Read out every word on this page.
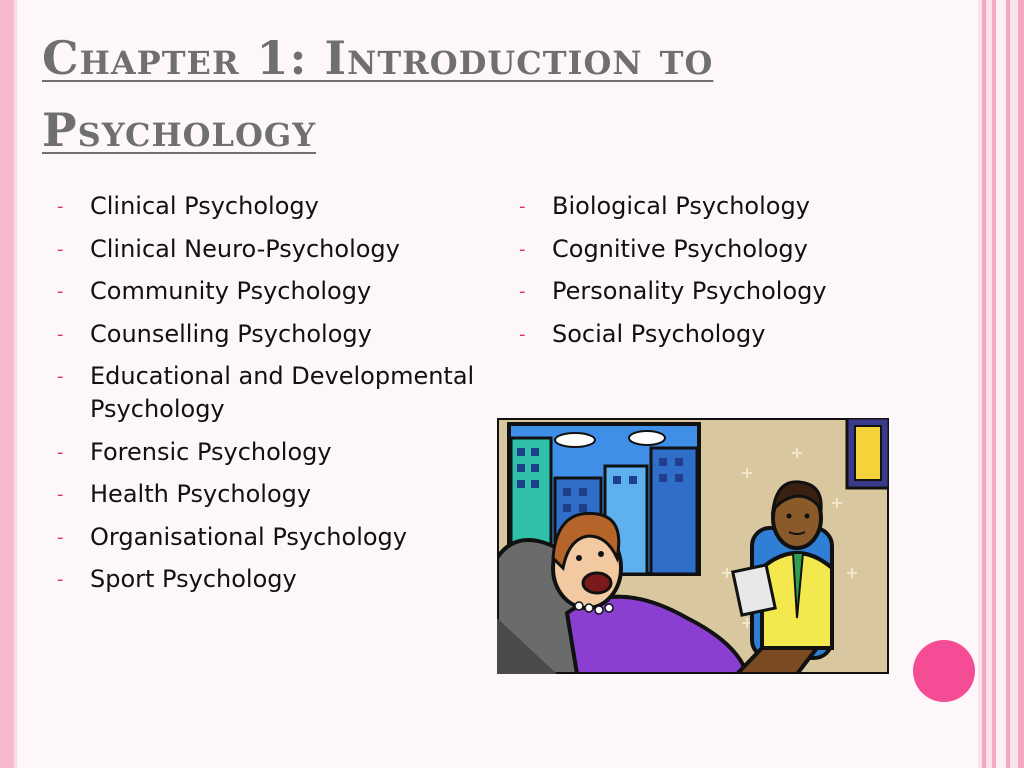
Chapter 1: Introduction to Psychology
- Clinical Psychology
- Clinical Neuro-Psychology
- Community Psychology
- Counselling Psychology
- Educational and Developmental Psychology
- Forensic Psychology
- Health Psychology
- Organisational Psychology
- Sport Psychology
- Biological Psychology
- Cognitive Psychology
- Personality Psychology
- Social Psychology
